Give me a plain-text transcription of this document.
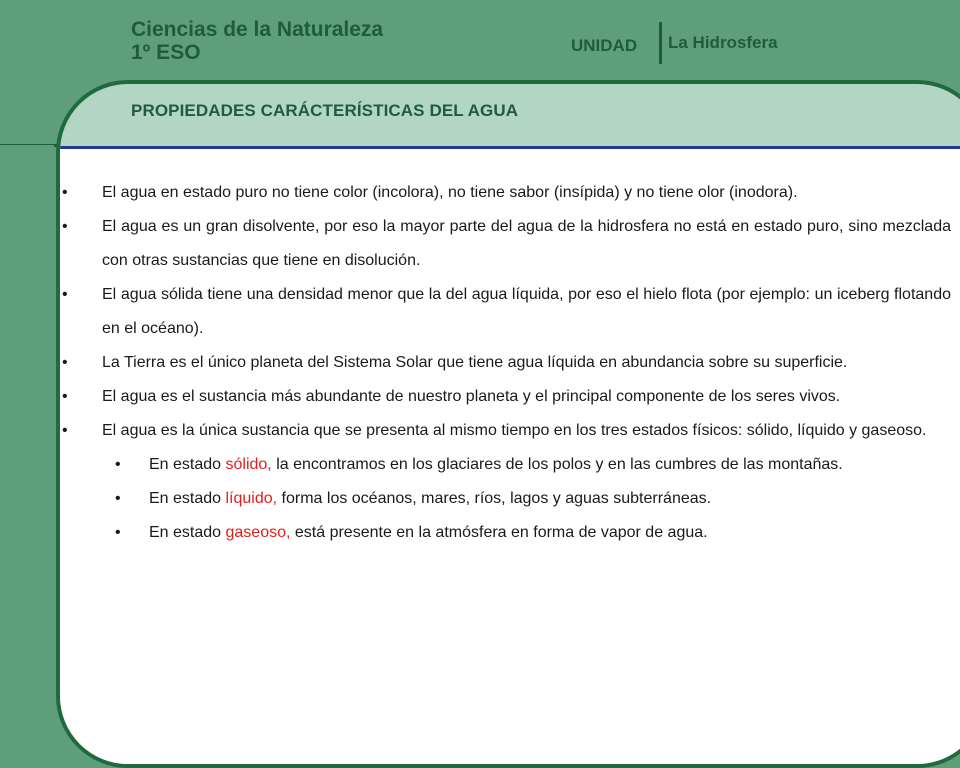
Ciencias de la Naturaleza
1º ESO	UNIDAD La Hidrosfera
PROPIEDADES CARÁCTERÍSTICAS DEL AGUA

• El agua en estado puro no tiene color (incolora), no tiene sabor (insípida) y no tiene olor (inodora).

• El agua es un gran disolvente, por eso la mayor parte del agua de la hidrosfera no está en estado puro, sino mezclada con otras sustancias que tiene en disolución.

• El agua sólida tiene una densidad menor que la del agua líquida, por eso el hielo flota (por ejemplo: un iceberg flotando en el océano).

• La Tierra es el único planeta del Sistema Solar que tiene agua líquida en abundancia sobre su superficie.

• El agua es el sustancia más abundante de nuestro planeta y el principal componente de los seres vivos.

• El agua es la única sustancia que se presenta al mismo tiempo en los tres estados físicos: sólido, líquido y gaseoso.

• En estado sólido, la encontramos en los glaciares de los polos y en las cumbres de las montañas.

• En estado líquido, forma los océanos, mares, ríos, lagos y aguas subterráneas.

• En estado gaseoso, está presente en la atmósfera en forma de vapor de agua.
